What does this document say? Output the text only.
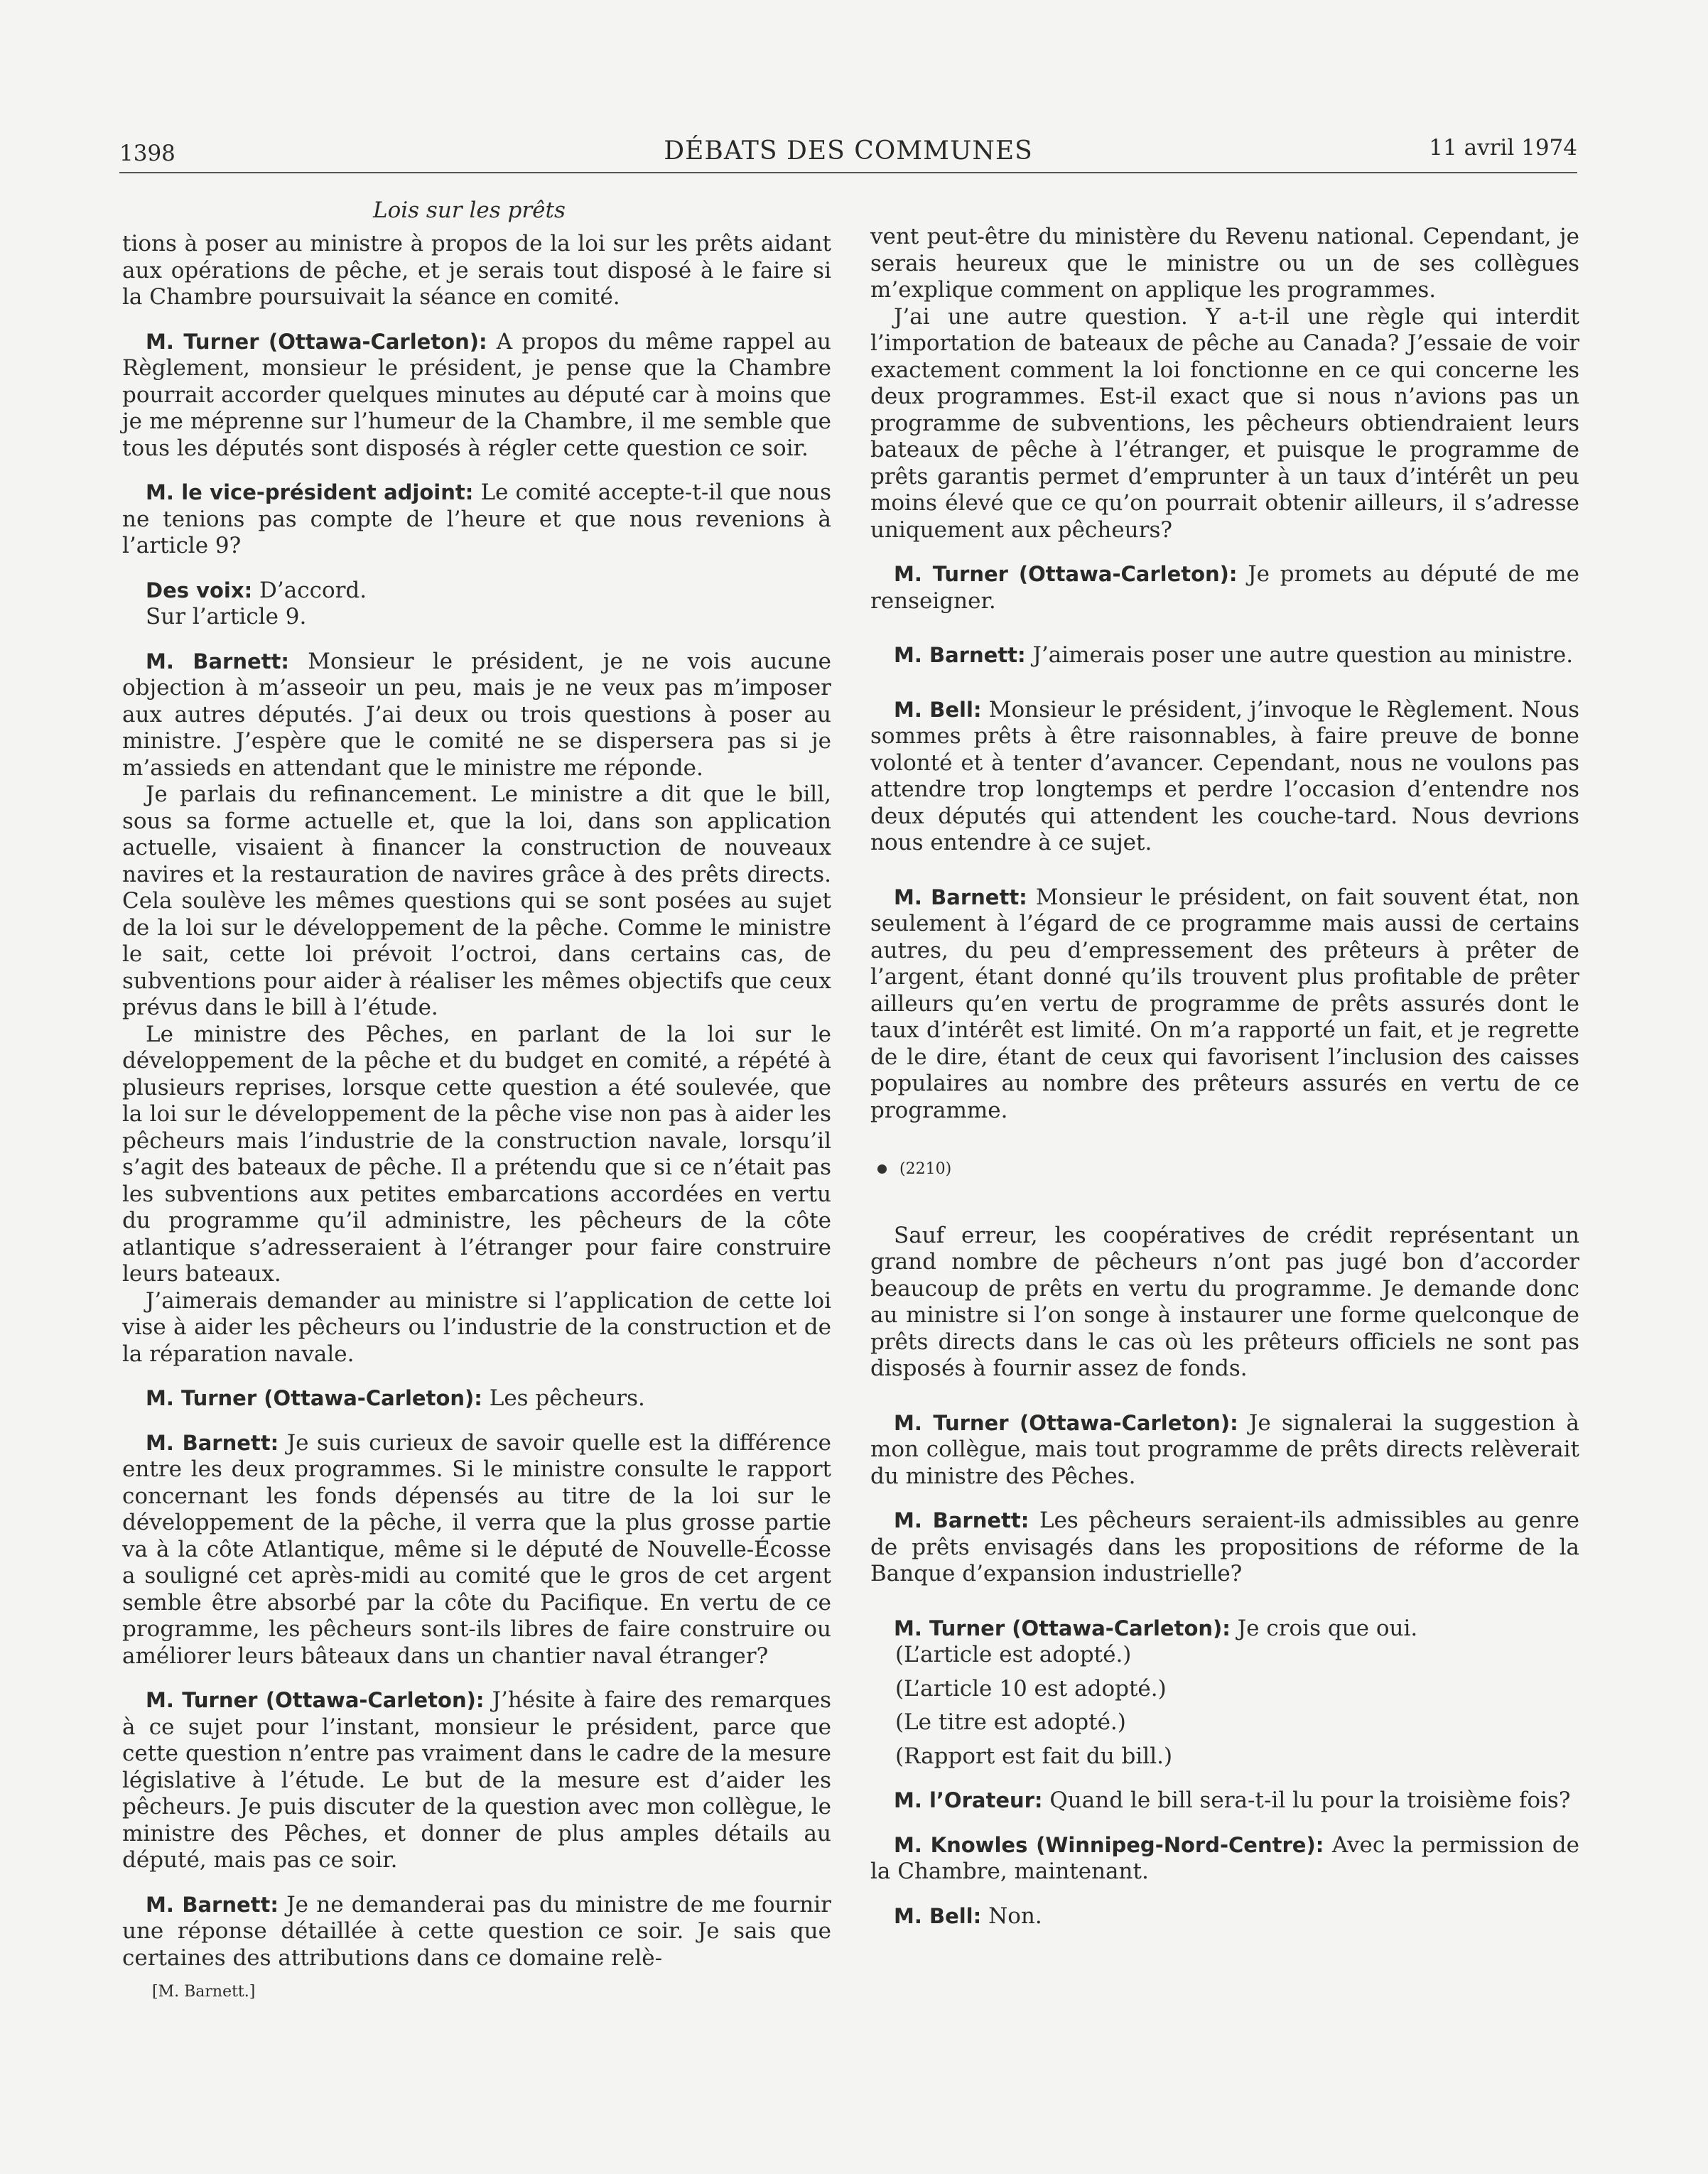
1398	DÉBATS DES COMMUNES	11 avril 1974
Lois sur les prêts

tions à poser au ministre à propos de la loi sur les prêts aidant aux opérations de pêche, et je serais tout disposé à le faire si la Chambre poursuivait la séance en comité.

M. Turner (Ottawa-Carleton): A propos du même rappel au Règlement, monsieur le président, je pense que la Chambre pourrait accorder quelques minutes au député car à moins que je me méprenne sur l’humeur de la Chambre, il me semble que tous les députés sont disposés à régler cette question ce soir.

M. le vice-président adjoint: Le comité accepte-t-il que nous ne tenions pas compte de l’heure et que nous revenions à l’article 9?

Des voix: D’accord.

Sur l’article 9.

M. Barnett: Monsieur le président, je ne vois aucune objection à m’asseoir un peu, mais je ne veux pas m’imposer aux autres députés. J’ai deux ou trois questions à poser au ministre. J’espère que le comité ne se dispersera pas si je m’assieds en attendant que le ministre me réponde.

Je parlais du refinancement. Le ministre a dit que le bill, sous sa forme actuelle et, que la loi, dans son application actuelle, visaient à financer la construction de nouveaux navires et la restauration de navires grâce à des prêts directs. Cela soulève les mêmes questions qui se sont posées au sujet de la loi sur le développement de la pêche. Comme le ministre le sait, cette loi prévoit l’octroi, dans certains cas, de subventions pour aider à réaliser les mêmes objectifs que ceux prévus dans le bill à l’étude.

Le ministre des Pêches, en parlant de la loi sur le développement de la pêche et du budget en comité, a répété à plusieurs reprises, lorsque cette question a été soulevée, que la loi sur le développement de la pêche vise non pas à aider les pêcheurs mais l’industrie de la construction navale, lorsqu’il s’agit des bateaux de pêche. Il a prétendu que si ce n’était pas les subventions aux petites embarcations accordées en vertu du programme qu’il administre, les pêcheurs de la côte atlantique s’adresseraient à l’étranger pour faire construire leurs bateaux.

J’aimerais demander au ministre si l’application de cette loi vise à aider les pêcheurs ou l’industrie de la construction et de la réparation navale.

M. Turner (Ottawa-Carleton): Les pêcheurs.

M. Barnett: Je suis curieux de savoir quelle est la différence entre les deux programmes. Si le ministre consulte le rapport concernant les fonds dépensés au titre de la loi sur le développement de la pêche, il verra que la plus grosse partie va à la côte Atlantique, même si le député de Nouvelle-Écosse a souligné cet après-midi au comité que le gros de cet argent semble être absorbé par la côte du Pacifique. En vertu de ce programme, les pêcheurs sont-ils libres de faire construire ou améliorer leurs bâteaux dans un chantier naval étranger?

M. Turner (Ottawa-Carleton): J’hésite à faire des remarques à ce sujet pour l’instant, monsieur le président, parce que cette question n’entre pas vraiment dans le cadre de la mesure législative à l’étude. Le but de la mesure est d’aider les pêcheurs. Je puis discuter de la question avec mon collègue, le ministre des Pêches, et donner de plus amples détails au député, mais pas ce soir.

M. Barnett: Je ne demanderai pas du ministre de me fournir une réponse détaillée à cette question ce soir. Je sais que certaines des attributions dans ce domaine relè-

[M. Barnett.]

vent peut-être du ministère du Revenu national. Cependant, je serais heureux que le ministre ou un de ses collègues m’explique comment on applique les programmes.

J’ai une autre question. Y a-t-il une règle qui interdit l’importation de bateaux de pêche au Canada? J’essaie de voir exactement comment la loi fonctionne en ce qui concerne les deux programmes. Est-il exact que si nous n’avions pas un programme de subventions, les pêcheurs obtiendraient leurs bateaux de pêche à l’étranger, et puisque le programme de prêts garantis permet d’emprunter à un taux d’intérêt un peu moins élevé que ce qu’on pourrait obtenir ailleurs, il s’adresse uniquement aux pêcheurs?

M. Turner (Ottawa-Carleton): Je promets au député de me renseigner.

M. Barnett: J’aimerais poser une autre question au ministre.

M. Bell: Monsieur le président, j’invoque le Règlement. Nous sommes prêts à être raisonnables, à faire preuve de bonne volonté et à tenter d’avancer. Cependant, nous ne voulons pas attendre trop longtemps et perdre l’occasion d’entendre nos deux députés qui attendent les couche-tard. Nous devrions nous entendre à ce sujet.

M. Barnett: Monsieur le président, on fait souvent état, non seulement à l’égard de ce programme mais aussi de certains autres, du peu d’empressement des prêteurs à prêter de l’argent, étant donné qu’ils trouvent plus profitable de prêter ailleurs qu’en vertu de programme de prêts assurés dont le taux d’intérêt est limité. On m’a rapporté un fait, et je regrette de le dire, étant de ceux qui favorisent l’inclusion des caisses populaires au nombre des prêteurs assurés en vertu de ce programme.

(2210)

Sauf erreur, les coopératives de crédit représentant un grand nombre de pêcheurs n’ont pas jugé bon d’accorder beaucoup de prêts en vertu du programme. Je demande donc au ministre si l’on songe à instaurer une forme quelconque de prêts directs dans le cas où les prêteurs officiels ne sont pas disposés à fournir assez de fonds.

M. Turner (Ottawa-Carleton): Je signalerai la suggestion à mon collègue, mais tout programme de prêts directs relèverait du ministre des Pêches.

M. Barnett: Les pêcheurs seraient-ils admissibles au genre de prêts envisagés dans les propositions de réforme de la Banque d’expansion industrielle?

M. Turner (Ottawa-Carleton): Je crois que oui.

(L’article est adopté.)

(L’article 10 est adopté.)

(Le titre est adopté.)

(Rapport est fait du bill.)

M. l’Orateur: Quand le bill sera-t-il lu pour la troisième fois?

M. Knowles (Winnipeg-Nord-Centre): Avec la permission de la Chambre, maintenant.

M. Bell: Non.
